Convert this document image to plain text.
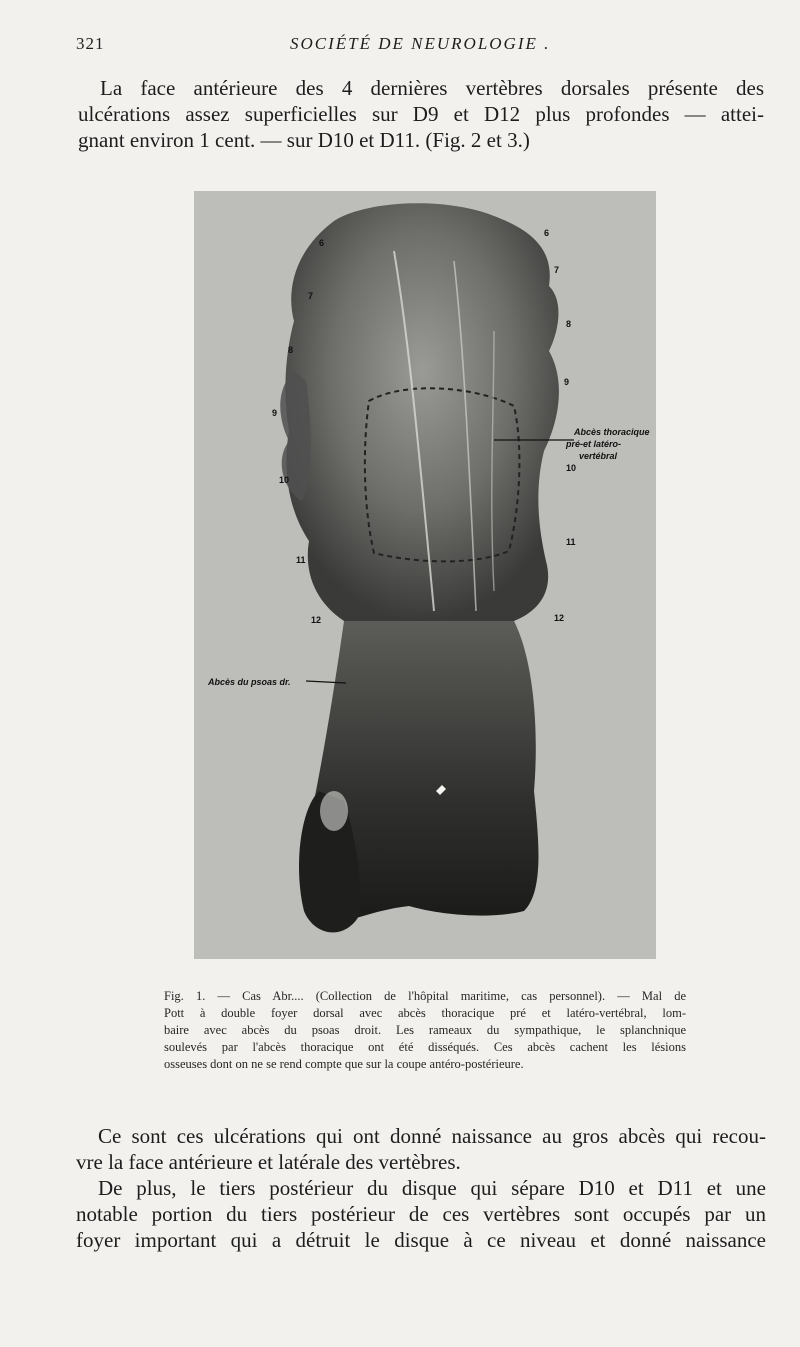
321	SOCIÉTÉ DE NEUROLOGIE .
La face antérieure des 4 dernières vertèbres dorsales présente des
ulcérations assez superficielles sur D9 et D12 plus profondes — attei-
gnant environ 1 cent. — sur D10 et D11. (Fig. 2 et 3.)
Abcès thoracique
pré-et latéro-
vertébral
Abcès du psoas dr.
6
7
8
9
10
11
12
6
7
8
9
10
11
12
Fig. 1. — Cas Abr.... (Collection de l'hôpital maritime, cas personnel). — Mal de
Pott à double foyer dorsal avec abcès thoracique pré et latéro-vertébral, lom-
baire avec abcès du psoas droit. Les rameaux du sympathique, le splanchnique
soulevés par l'abcès thoracique ont été disséqués. Ces abcès cachent les lésions
osseuses dont on ne se rend compte que sur la coupe antéro-postérieure.
Ce sont ces ulcérations qui ont donné naissance au gros abcès qui recou-
vre la face antérieure et latérale des vertèbres.
De plus, le tiers postérieur du disque qui sépare D10 et D11 et une
notable portion du tiers postérieur de ces vertèbres sont occupés par un
foyer important qui a détruit le disque à ce niveau et donné naissance
